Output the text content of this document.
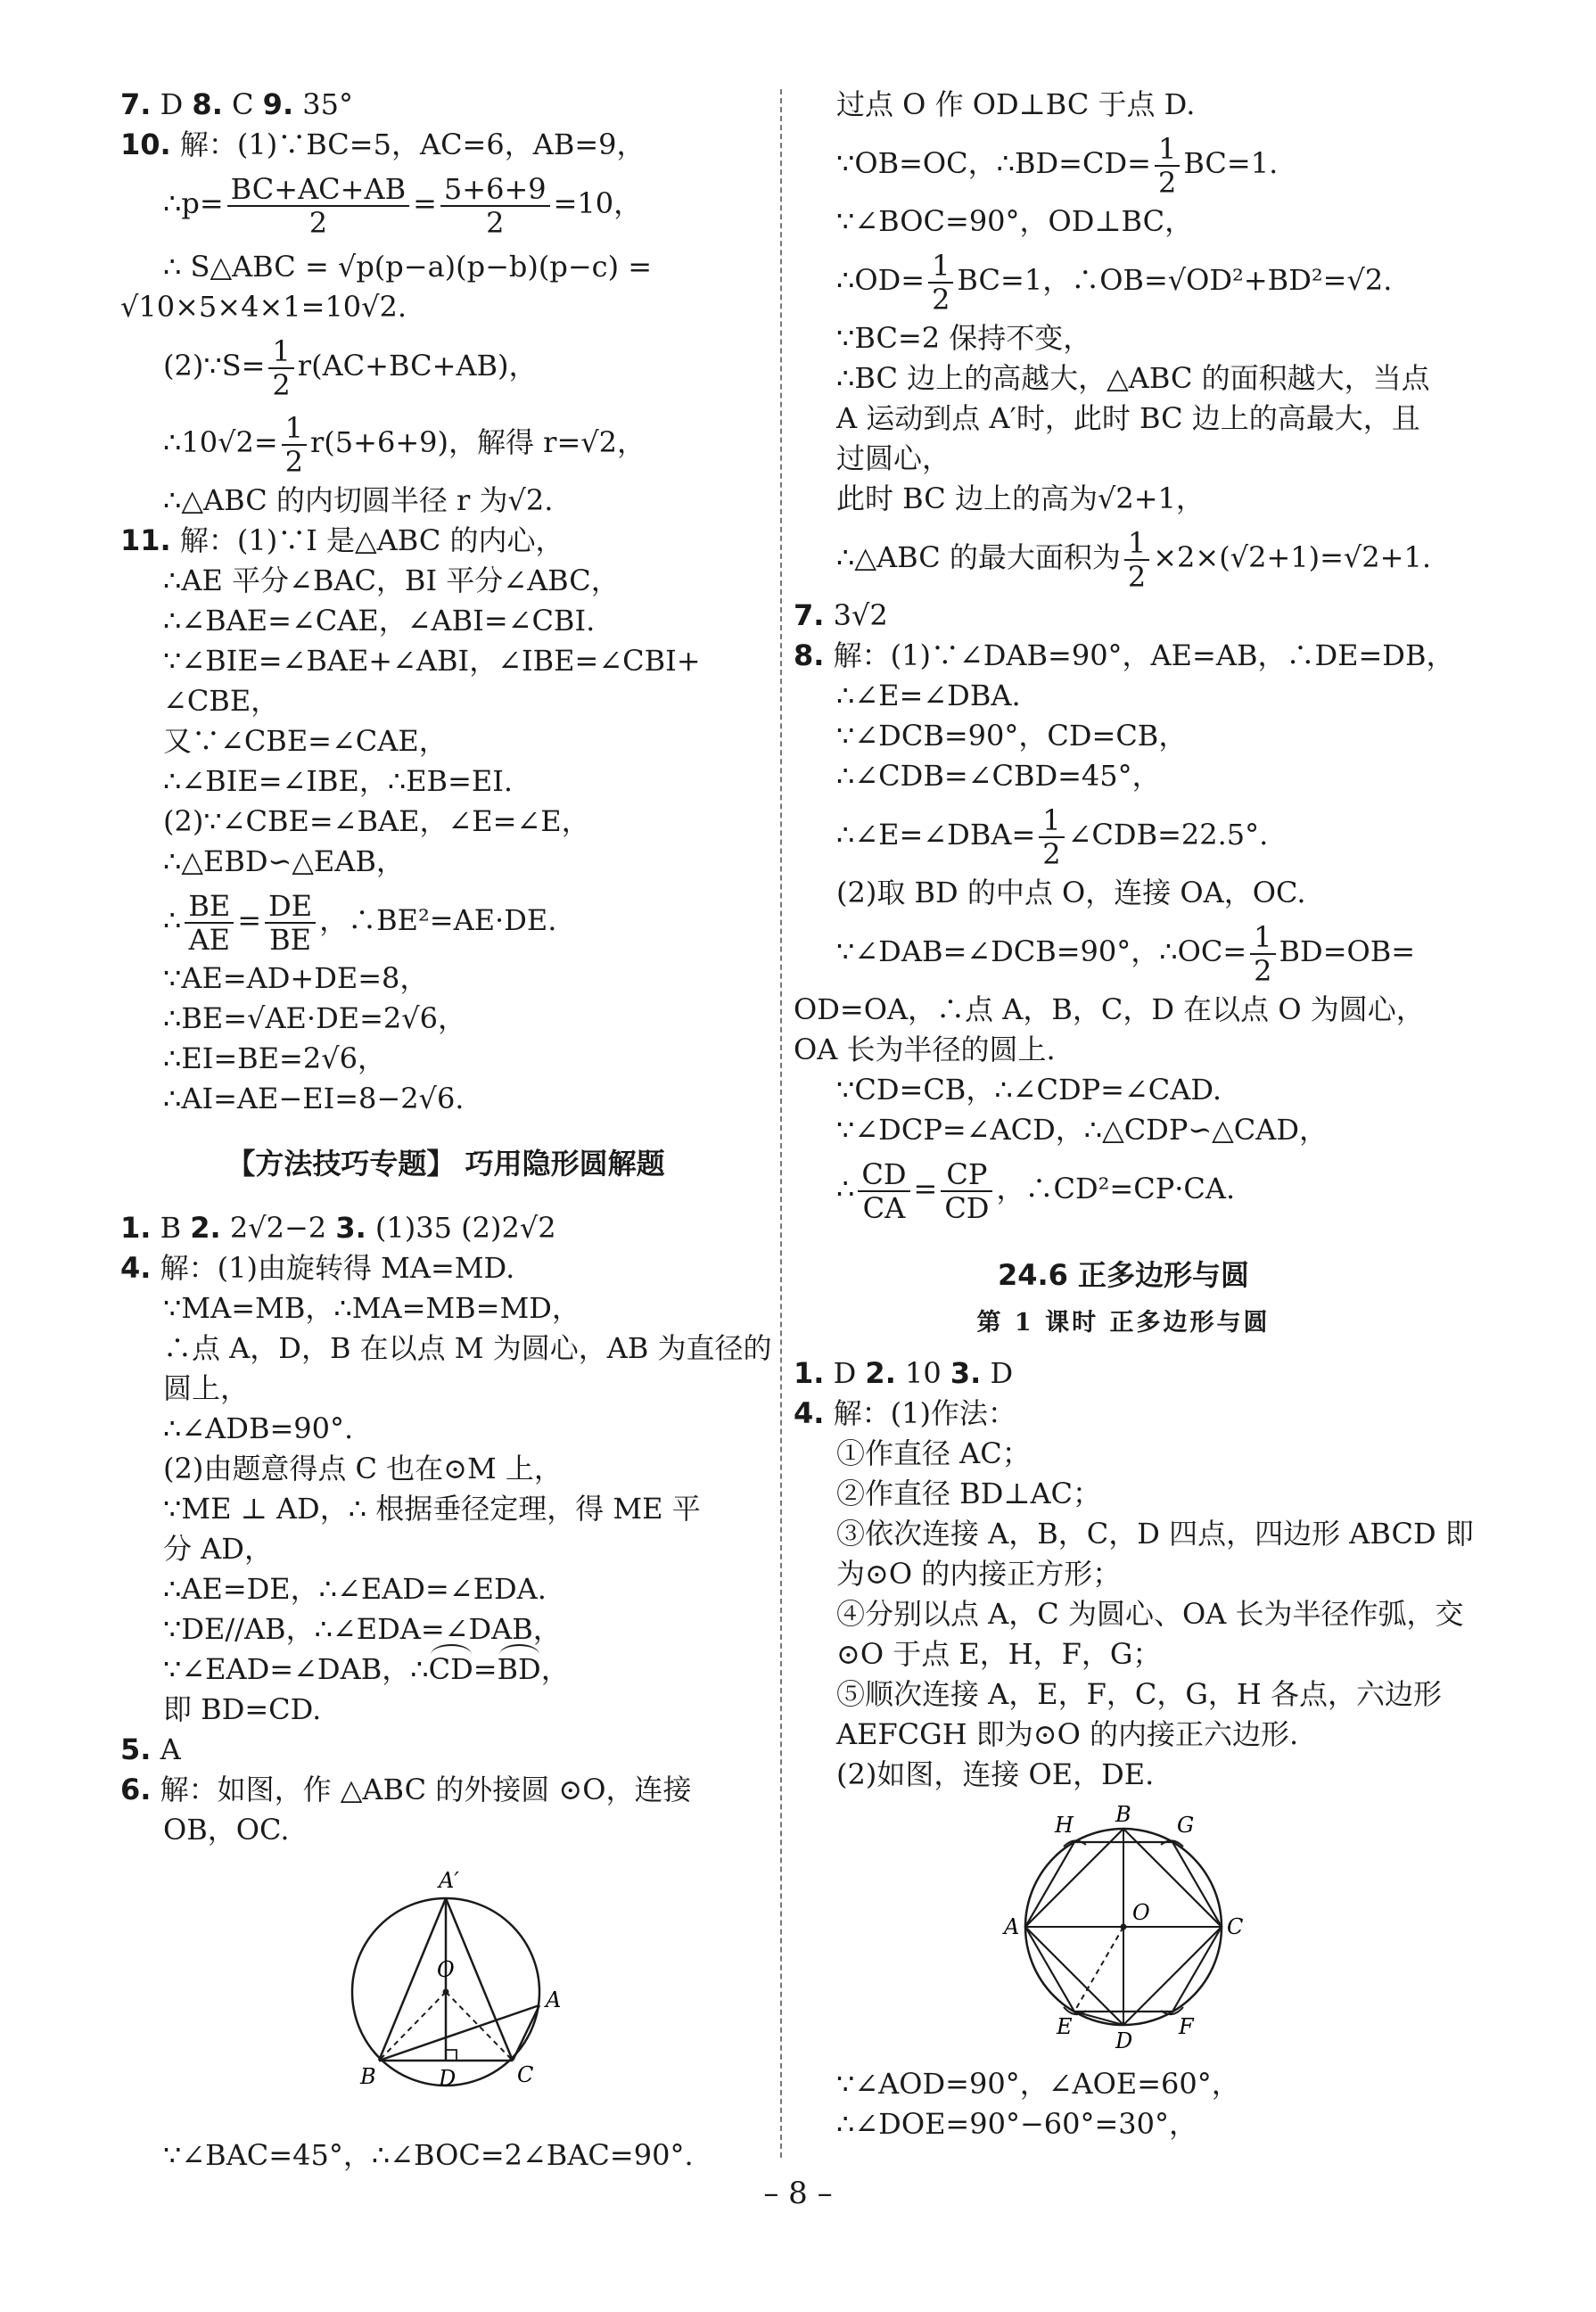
7. D 8. C 9. 35°
10. 解：(1)∵BC=5，AC=6，AB=9，
∴p= $\frac{BC+AC+AB}{2} = \frac{5+6+9}{2} =10$，
∴ S△ABC = √p(p−a)(p−b)(p−c) =
√10×5×4×1=10√2.
(2)∵S= $\frac{1}{2} r(AC+BC+AB)$，
∴10√2= $\frac{1}{2} r(5+6+9)$，解得 r=√2，
∴△ABC 的内切圆半径 r 为√2.
11. 解：(1)∵I 是△ABC 的内心，
∴AE 平分∠BAC，BI 平分∠ABC，
∴∠BAE=∠CAE，∠ABI=∠CBI.
∵∠BIE=∠BAE+∠ABI，∠IBE=∠CBI+
∠CBE，
又∵∠CBE=∠CAE，
∴∠BIE=∠IBE，∴EB=EI.
(2)∵∠CBE=∠BAE，∠E=∠E，
∴△EBD∽△EAB，
∴ $\frac{BE}{AE} = \frac{DE}{BE}$ ，∴BE²=AE·DE.
∵AE=AD+DE=8，
∴BE=√AE·DE=2√6，
∴EI=BE=2√6，
∴AI=AE−EI=8−2√6.
【方法技巧专题】 巧用隐形圆解题
1. B 2. 2√2−2 3. (1)35 (2)2√2
4. 解：(1)由旋转得 MA=MD.
∵MA=MB，∴MA=MB=MD，
∴点 A，D，B 在以点 M 为圆心，AB 为直径的
圆上，
∴∠ADB=90°.
(2)由题意得点 C 也在⊙M 上，
∵ME ⊥ AD，∴ 根据垂径定理，得 ME 平
分 AD，
∴AE=DE，∴∠EAD=∠EDA.
∵DE//AB，∴∠EDA=∠DAB，
∵∠EAD=∠DAB，∴CD=BD，
即 BD=CD.
5. A
6. 解：如图，作 △ABC 的外接圆 ⊙O，连接
OB，OC.
A′
O
A
B	D	C
∵∠BAC=45°，∴∠BOC=2∠BAC=90°.
过点 O 作 OD⊥BC 于点 D.
∵OB=OC，∴BD=CD= $\frac{1}{2} BC=1$.
∵∠BOC=90°，OD⊥BC，
∴OD= $\frac{1}{2} BC=1$，∴OB=√OD²+BD²=√2.
∵BC=2 保持不变，
∴BC 边上的高越大，△ABC 的面积越大，当点
A 运动到点 A′时，此时 BC 边上的高最大，且
过圆心，
此时 BC 边上的高为√2+1，
∴△ABC 的最大面积为 $\frac{1}{2} \times 2\times(√2+1)=√2+1$.
7. 3√2
8. 解：(1)∵∠DAB=90°，AE=AB，∴DE=DB，
∴∠E=∠DBA.
∵∠DCB=90°，CD=CB，
∴∠CDB=∠CBD=45°，
∴∠E=∠DBA= $\frac{1}{2}$ ∠CDB=22.5°.
(2)取 BD 的中点 O，连接 OA，OC.
∵∠DAB=∠DCB=90°，∴OC= $\frac{1}{2} BD=OB=$
OD=OA，∴点 A，B，C，D 在以点 O 为圆心，
OA 长为半径的圆上.
∵CD=CB，∴∠CDP=∠CAD.
∵∠DCP=∠ACD，∴△CDP∽△CAD，
∴ $\frac{CD}{CA} = \frac{CP}{CD}$ ，∴CD²=CP·CA.
24.6 正多边形与圆
第 1 课时 正多边形与圆
1. D 2. 10 3. D
4. 解：(1)作法：
①作直径 AC；
②作直径 BD⊥AC；
③依次连接 A，B，C，D 四点，四边形 ABCD 即
为⊙O 的内接正方形；
④分别以点 A，C 为圆心、OA 长为半径作弧，交
⊙O 于点 E，H，F，G；
⑤顺次连接 A，E，F，C，G，H 各点，六边形
AEFCGH 即为⊙O 的内接正六边形.
(2)如图，连接 OE，DE.
H B G
A
O
C
E
D
F
∵∠AOD=90°，∠AOE=60°，
∴∠DOE=90°−60°=30°，
– 8 –
